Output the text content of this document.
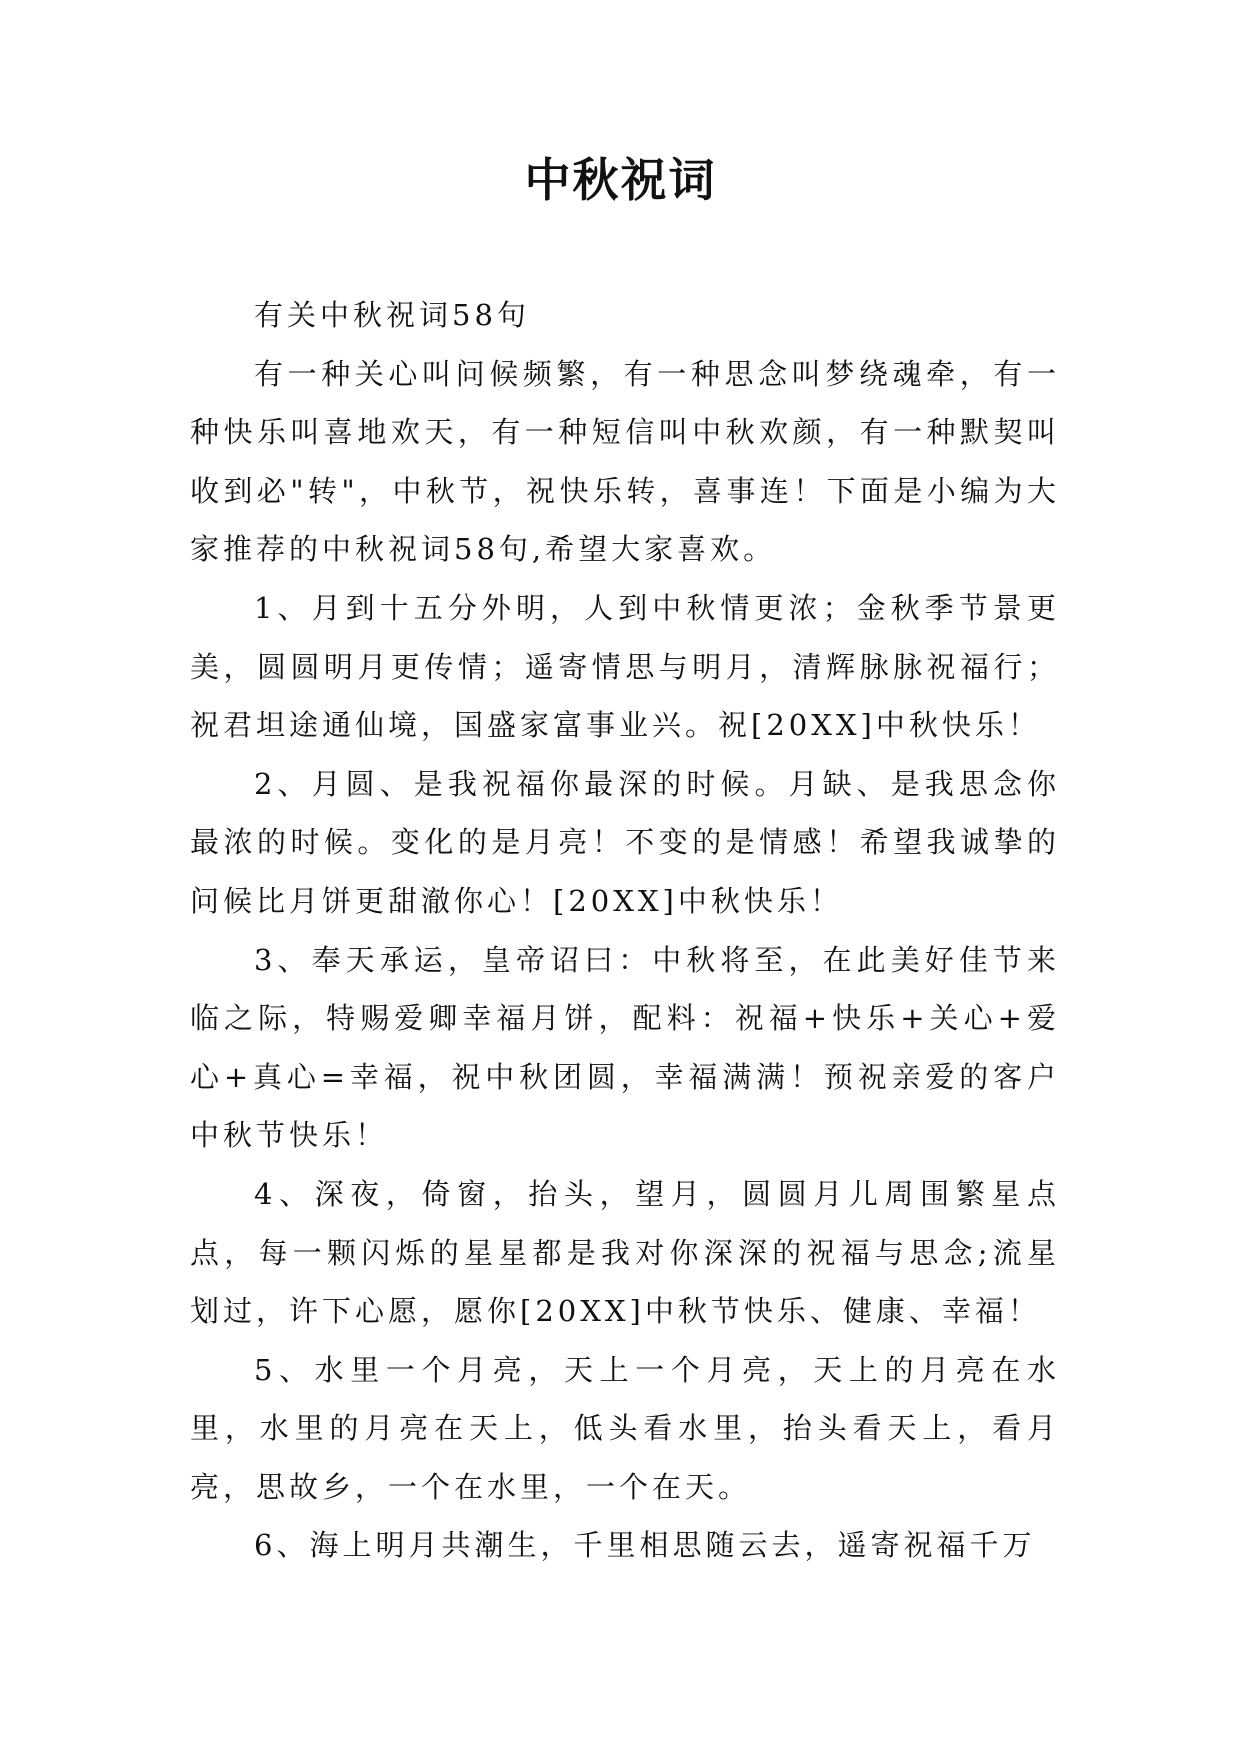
中秋祝词

有关中秋祝词58句

有一种关心叫问候频繁，有一种思念叫梦绕魂牵，有一种快乐叫喜地欢天，有一种短信叫中秋欢颜，有一种默契叫收到必"转"，中秋节，祝快乐转，喜事连！下面是小编为大家推荐的中秋祝词58句,希望大家喜欢。

1、月到十五分外明，人到中秋情更浓；金秋季节景更美，圆圆明月更传情；遥寄情思与明月，清辉脉脉祝福行；祝君坦途通仙境，国盛家富事业兴。祝[20XX]中秋快乐！

2、月圆、是我祝福你最深的时候。月缺、是我思念你最浓的时候。变化的是月亮！不变的是情感！希望我诚挚的问候比月饼更甜澈你心！[20XX]中秋快乐！

3、奉天承运，皇帝诏曰：中秋将至，在此美好佳节来临之际，特赐爱卿幸福月饼，配料：祝福+快乐+关心+爱心+真心=幸福，祝中秋团圆，幸福满满！预祝亲爱的客户中秋节快乐！

4、深夜，倚窗，抬头，望月，圆圆月儿周围繁星点点，每一颗闪烁的星星都是我对你深深的祝福与思念;流星划过，许下心愿，愿你[20XX]中秋节快乐、健康、幸福！

5、水里一个月亮，天上一个月亮，天上的月亮在水里，水里的月亮在天上，低头看水里，抬头看天上，看月亮，思故乡，一个在水里，一个在天。

6、海上明月共潮生，千里相思随云去，遥寄祝福千万
